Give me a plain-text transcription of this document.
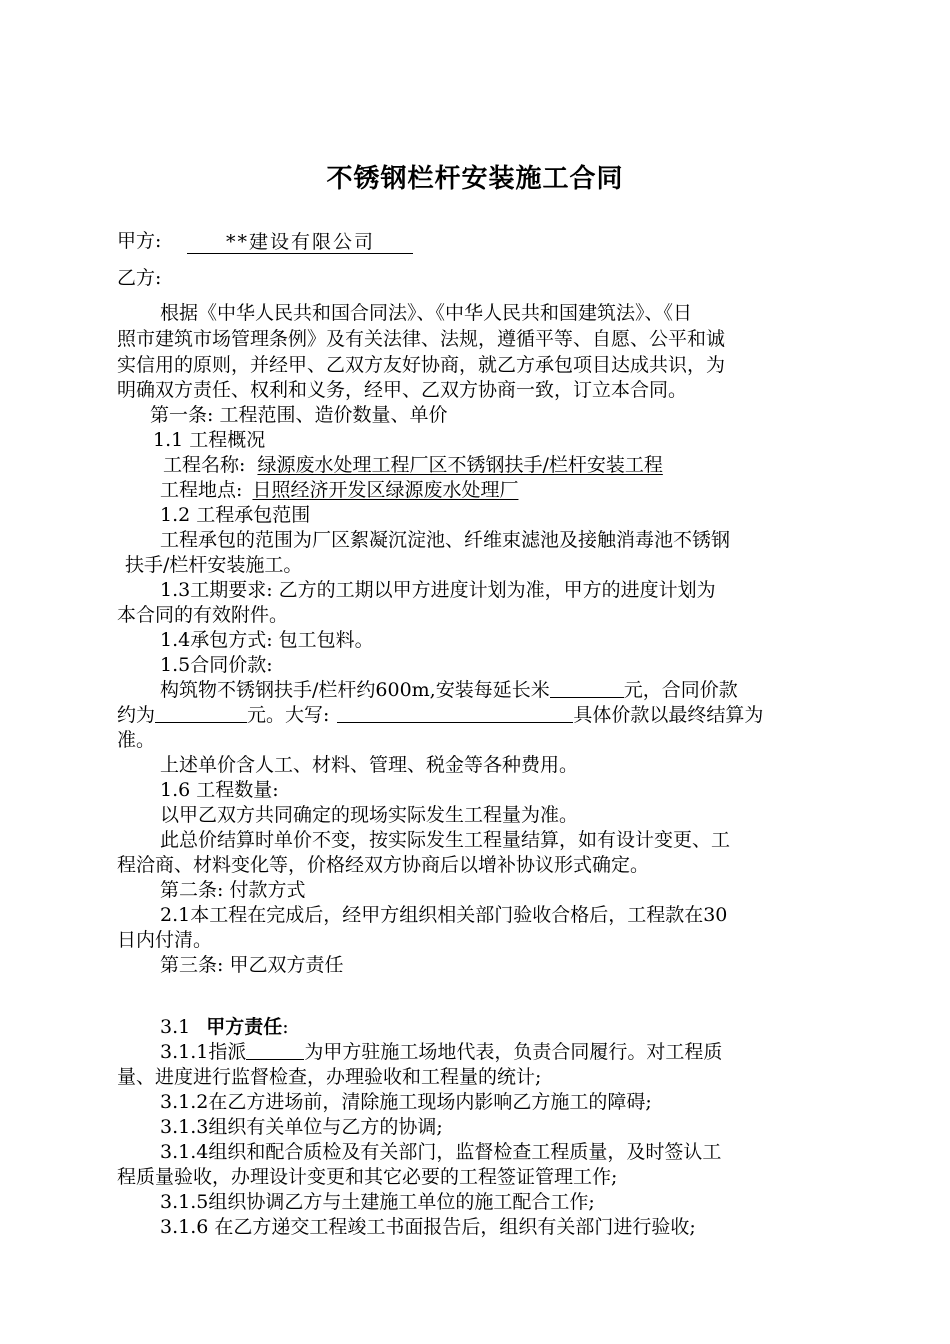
不锈钢栏杆安装施工合同
甲方:	**建设有限公司
乙方:
根据《中华人民共和国合同法》、《中华人民共和国建筑法》、《日
照市建筑市场管理条例》及有关法律、法规，遵循平等、自愿、公平和诚
实信用的原则，并经甲、乙双方友好协商，就乙方承包项目达成共识，为
明确双方责任、权利和义务，经甲、乙双方协商一致，订立本合同。
第一条: 工程范围、造价数量、单价
1.1 工程概况
工程名称: 绿源废水处理工程厂区不锈钢扶手/栏杆安装工程
工程地点: 日照经济开发区绿源废水处理厂
1.2 工程承包范围
工程承包的范围为厂区絮凝沉淀池、纤维束滤池及接触消毒池不锈钢
扶手/栏杆安装施工。
1.3工期要求: 乙方的工期以甲方进度计划为准，甲方的进度计划为
本合同的有效附件。
1.4承包方式: 包工包料。
1.5合同价款:
构筑物不锈钢扶手/栏杆约600m,安装每延长米	元，合同价款
约为	元。大写:	具体价款以最终结算为
准。
上述单价含人工、材料、管理、税金等各种费用。
1.6 工程数量:
以甲乙双方共同确定的现场实际发生工程量为准。
此总价结算时单价不变，按实际发生工程量结算，如有设计变更、工
程洽商、材料变化等，价格经双方协商后以增补协议形式确定。
第二条: 付款方式
2.1本工程在完成后，经甲方组织相关部门验收合格后，工程款在30
日内付清。
第三条: 甲乙双方责任
3.1 甲方责任:
3.1.1指派	为甲方驻施工场地代表，负责合同履行。对工程质
量、进度进行监督检查，办理验收和工程量的统计;
3.1.2在乙方进场前，清除施工现场内影响乙方施工的障碍;
3.1.3组织有关单位与乙方的协调;
3.1.4组织和配合质检及有关部门，监督检查工程质量，及时签认工
程质量验收，办理设计变更和其它必要的工程签证管理工作;
3.1.5组织协调乙方与土建施工单位的施工配合工作;
3.1.6 在乙方递交工程竣工书面报告后，组织有关部门进行验收;
